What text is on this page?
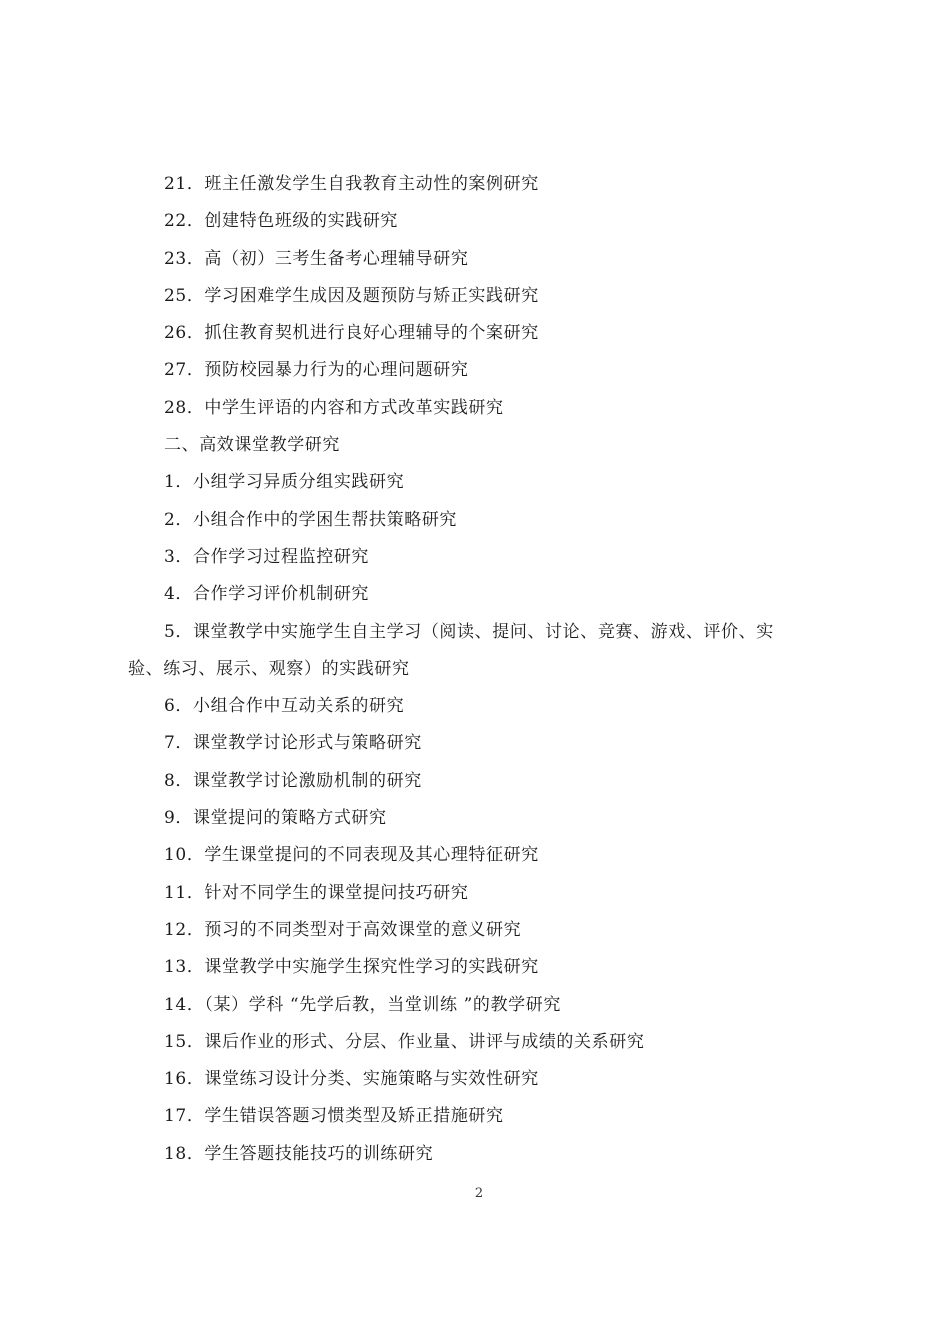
21．班主任激发学生自我教育主动性的案例研究
22．创建特色班级的实践研究
23．高（初）三考生备考心理辅导研究
25．学习困难学生成因及题预防与矫正实践研究
26．抓住教育契机进行良好心理辅导的个案研究
27．预防校园暴力行为的心理问题研究
28．中学生评语的内容和方式改革实践研究
二、高效课堂教学研究
1．小组学习异质分组实践研究
2．小组合作中的学困生帮扶策略研究
3．合作学习过程监控研究
4．合作学习评价机制研究
5．课堂教学中实施学生自主学习（阅读、提问、讨论、竞赛、游戏、评价、实
验、练习、展示、观察）的实践研究
6．小组合作中互动关系的研究
7．课堂教学讨论形式与策略研究
8．课堂教学讨论激励机制的研究
9．课堂提问的策略方式研究
10．学生课堂提问的不同表现及其心理特征研究
11．针对不同学生的课堂提问技巧研究
12．预习的不同类型对于高效课堂的意义研究
13．课堂教学中实施学生探究性学习的实践研究
14．（某）学科 “先学后教，当堂训练 ”的教学研究
15．课后作业的形式、分层、作业量、讲评与成绩的关系研究
16．课堂练习设计分类、实施策略与实效性研究
17．学生错误答题习惯类型及矫正措施研究
18．学生答题技能技巧的训练研究
2
